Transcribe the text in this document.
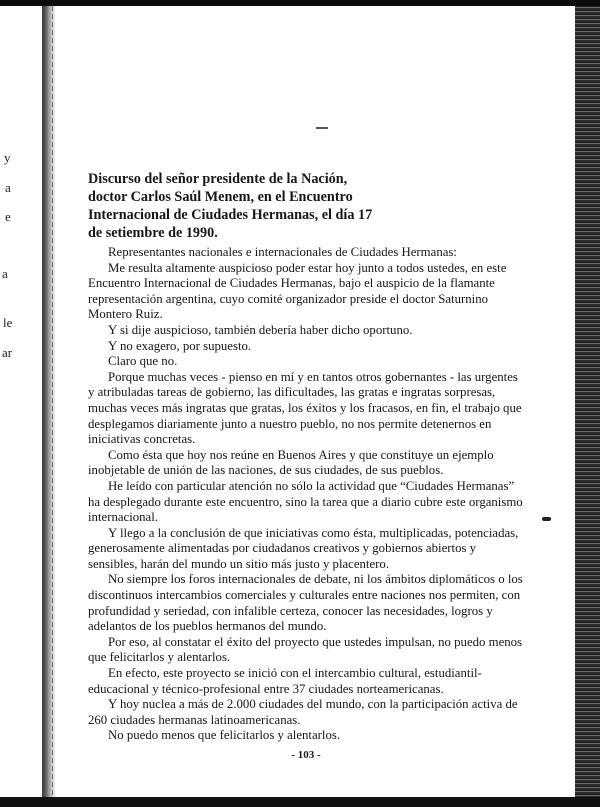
y
a
e
a
le
ar
Discurso del señor presidente de la Nación, doctor Carlos Saúl Menem, en el Encuentro Internacional de Ciudades Hermanas, el día 17 de setiembre de 1990.

Representantes nacionales e internacionales de Ciudades Hermanas:

Me resulta altamente auspicioso poder estar hoy junto a todos ustedes, en este Encuentro Internacional de Ciudades Hermanas, bajo el auspicio de la flamante representación argentina, cuyo comité organizador preside el doctor Saturnino Montero Ruiz.

Y si dije auspicioso, también debería haber dicho oportuno.

Y no exagero, por supuesto.

Claro que no.

Porque muchas veces - pienso en mí y en tantos otros gobernantes - las urgentes y atribuladas tareas de gobierno, las dificultades, las gratas e ingratas sorpresas, muchas veces más ingratas que gratas, los éxitos y los fracasos, en fin, el trabajo que desplegamos diariamente junto a nuestro pueblo, no nos permite detenernos en iniciativas concretas.

Como ésta que hoy nos reúne en Buenos Aires y que constituye un ejemplo inobjetable de unión de las naciones, de sus ciudades, de sus pueblos.

He leído con particular atención no sólo la actividad que “Ciudades Hermanas” ha desplegado durante este encuentro, sino la tarea que a diario cubre este organismo internacional.

Y llego a la conclusión de que iniciativas como ésta, multiplicadas, potenciadas, generosamente alimentadas por ciudadanos creativos y gobiernos abiertos y sensibles, harán del mundo un sitio más justo y placentero.

No siempre los foros internacionales de debate, ni los ámbitos diplomáticos o los discontinuos intercambios comerciales y culturales entre naciones nos permiten, con profundidad y seriedad, con infalible certeza, conocer las necesidades, logros y adelantos de los pueblos hermanos del mundo.

Por eso, al constatar el éxito del proyecto que ustedes impulsan, no puedo menos que felicitarlos y alentarlos.

En efecto, este proyecto se inició con el intercambio cultural, estudiantil-educacional y técnico-profesional entre 37 ciudades norteamericanas.

Y hoy nuclea a más de 2.000 ciudades del mundo, con la participación activa de 260 ciudades hermanas latinoamericanas.

No puedo menos que felicitarlos y alentarlos.

- 103 -
